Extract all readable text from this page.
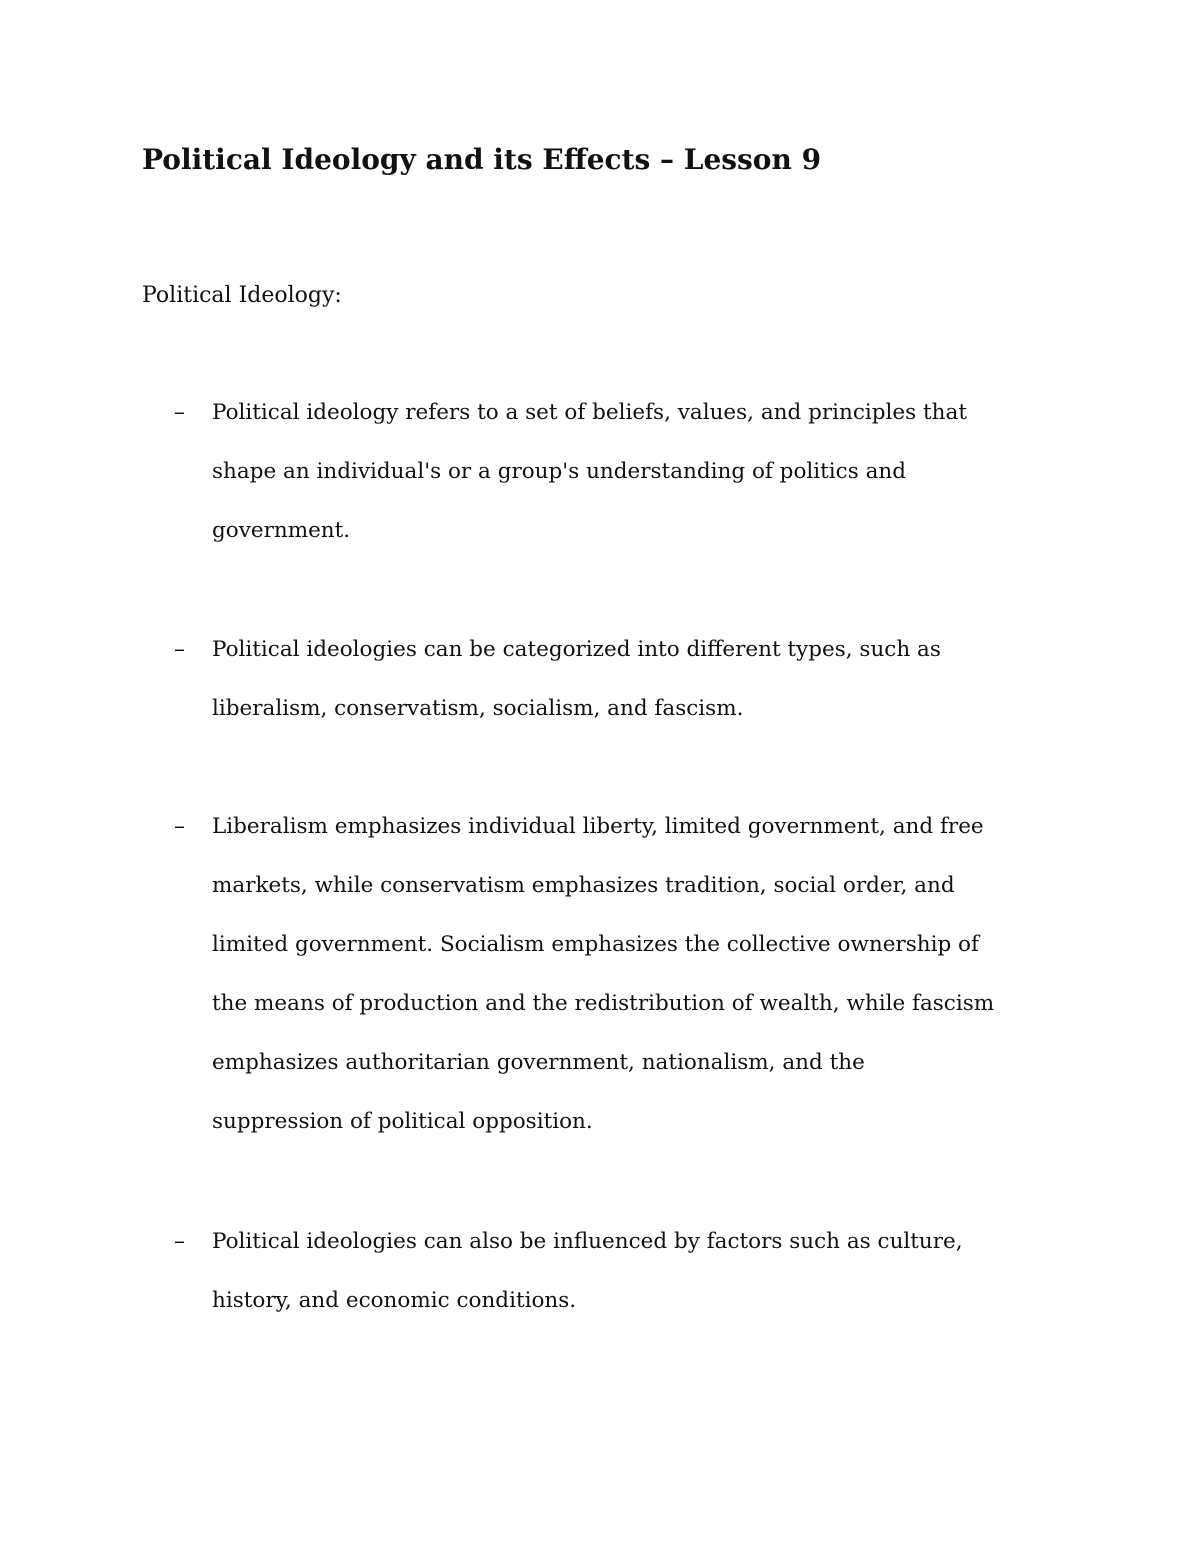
Political Ideology and its Effects – Lesson 9
Political Ideology:
– Political ideology refers to a set of beliefs, values, and principles that
shape an individual's or a group's understanding of politics and
government.
– Political ideologies can be categorized into different types, such as
liberalism, conservatism, socialism, and fascism.
– Liberalism emphasizes individual liberty, limited government, and free
markets, while conservatism emphasizes tradition, social order, and
limited government. Socialism emphasizes the collective ownership of
the means of production and the redistribution of wealth, while fascism
emphasizes authoritarian government, nationalism, and the
suppression of political opposition.
– Political ideologies can also be influenced by factors such as culture,
history, and economic conditions.
